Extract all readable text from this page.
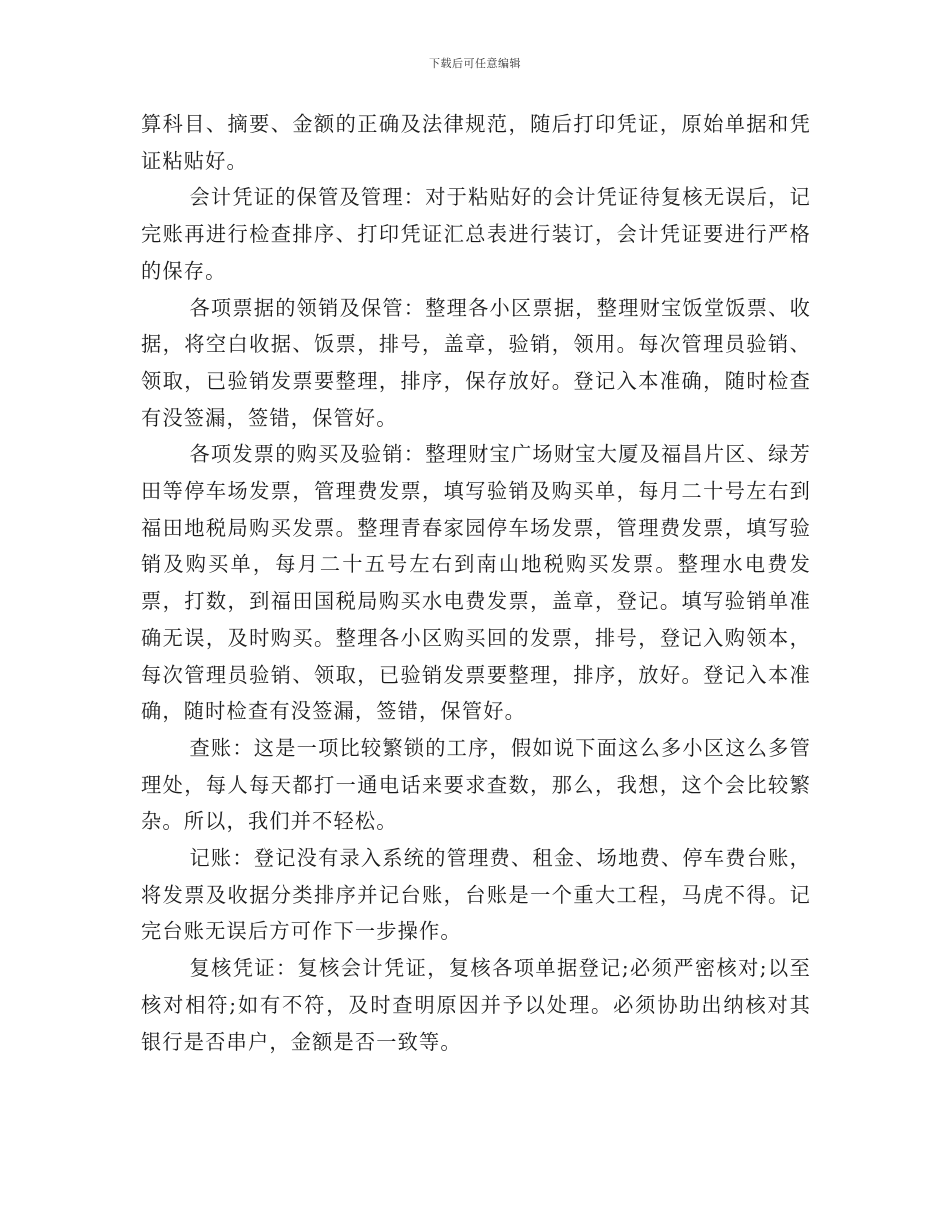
下载后可任意编辑

算科目、摘要、金额的正确及法律规范，随后打印凭证，原始单据和凭证粘贴好。

会计凭证的保管及管理：对于粘贴好的会计凭证待复核无误后，记完账再进行检查排序、打印凭证汇总表进行装订，会计凭证要进行严格的保存。

各项票据的领销及保管：整理各小区票据，整理财宝饭堂饭票、收据，将空白收据、饭票，排号，盖章，验销，领用。每次管理员验销、领取，已验销发票要整理，排序，保存放好。登记入本准确，随时检查有没签漏，签错，保管好。

各项发票的购买及验销：整理财宝广场财宝大厦及福昌片区、绿芳田等停车场发票，管理费发票，填写验销及购买单，每月二十号左右到福田地税局购买发票。整理青春家园停车场发票，管理费发票，填写验销及购买单，每月二十五号左右到南山地税购买发票。整理水电费发票，打数，到福田国税局购买水电费发票，盖章，登记。填写验销单准确无误，及时购买。整理各小区购买回的发票，排号，登记入购领本，每次管理员验销、领取，已验销发票要整理，排序，放好。登记入本准确，随时检查有没签漏，签错，保管好。

查账：这是一项比较繁锁的工序，假如说下面这么多小区这么多管理处，每人每天都打一通电话来要求查数，那么，我想，这个会比较繁杂。所以，我们并不轻松。

记账：登记没有录入系统的管理费、租金、场地费、停车费台账，将发票及收据分类排序并记台账，台账是一个重大工程，马虎不得。记完台账无误后方可作下一步操作。

复核凭证：复核会计凭证，复核各项单据登记;必须严密核对;以至核对相符;如有不符，及时查明原因并予以处理。必须协助出纳核对其银行是否串户，金额是否一致等。
